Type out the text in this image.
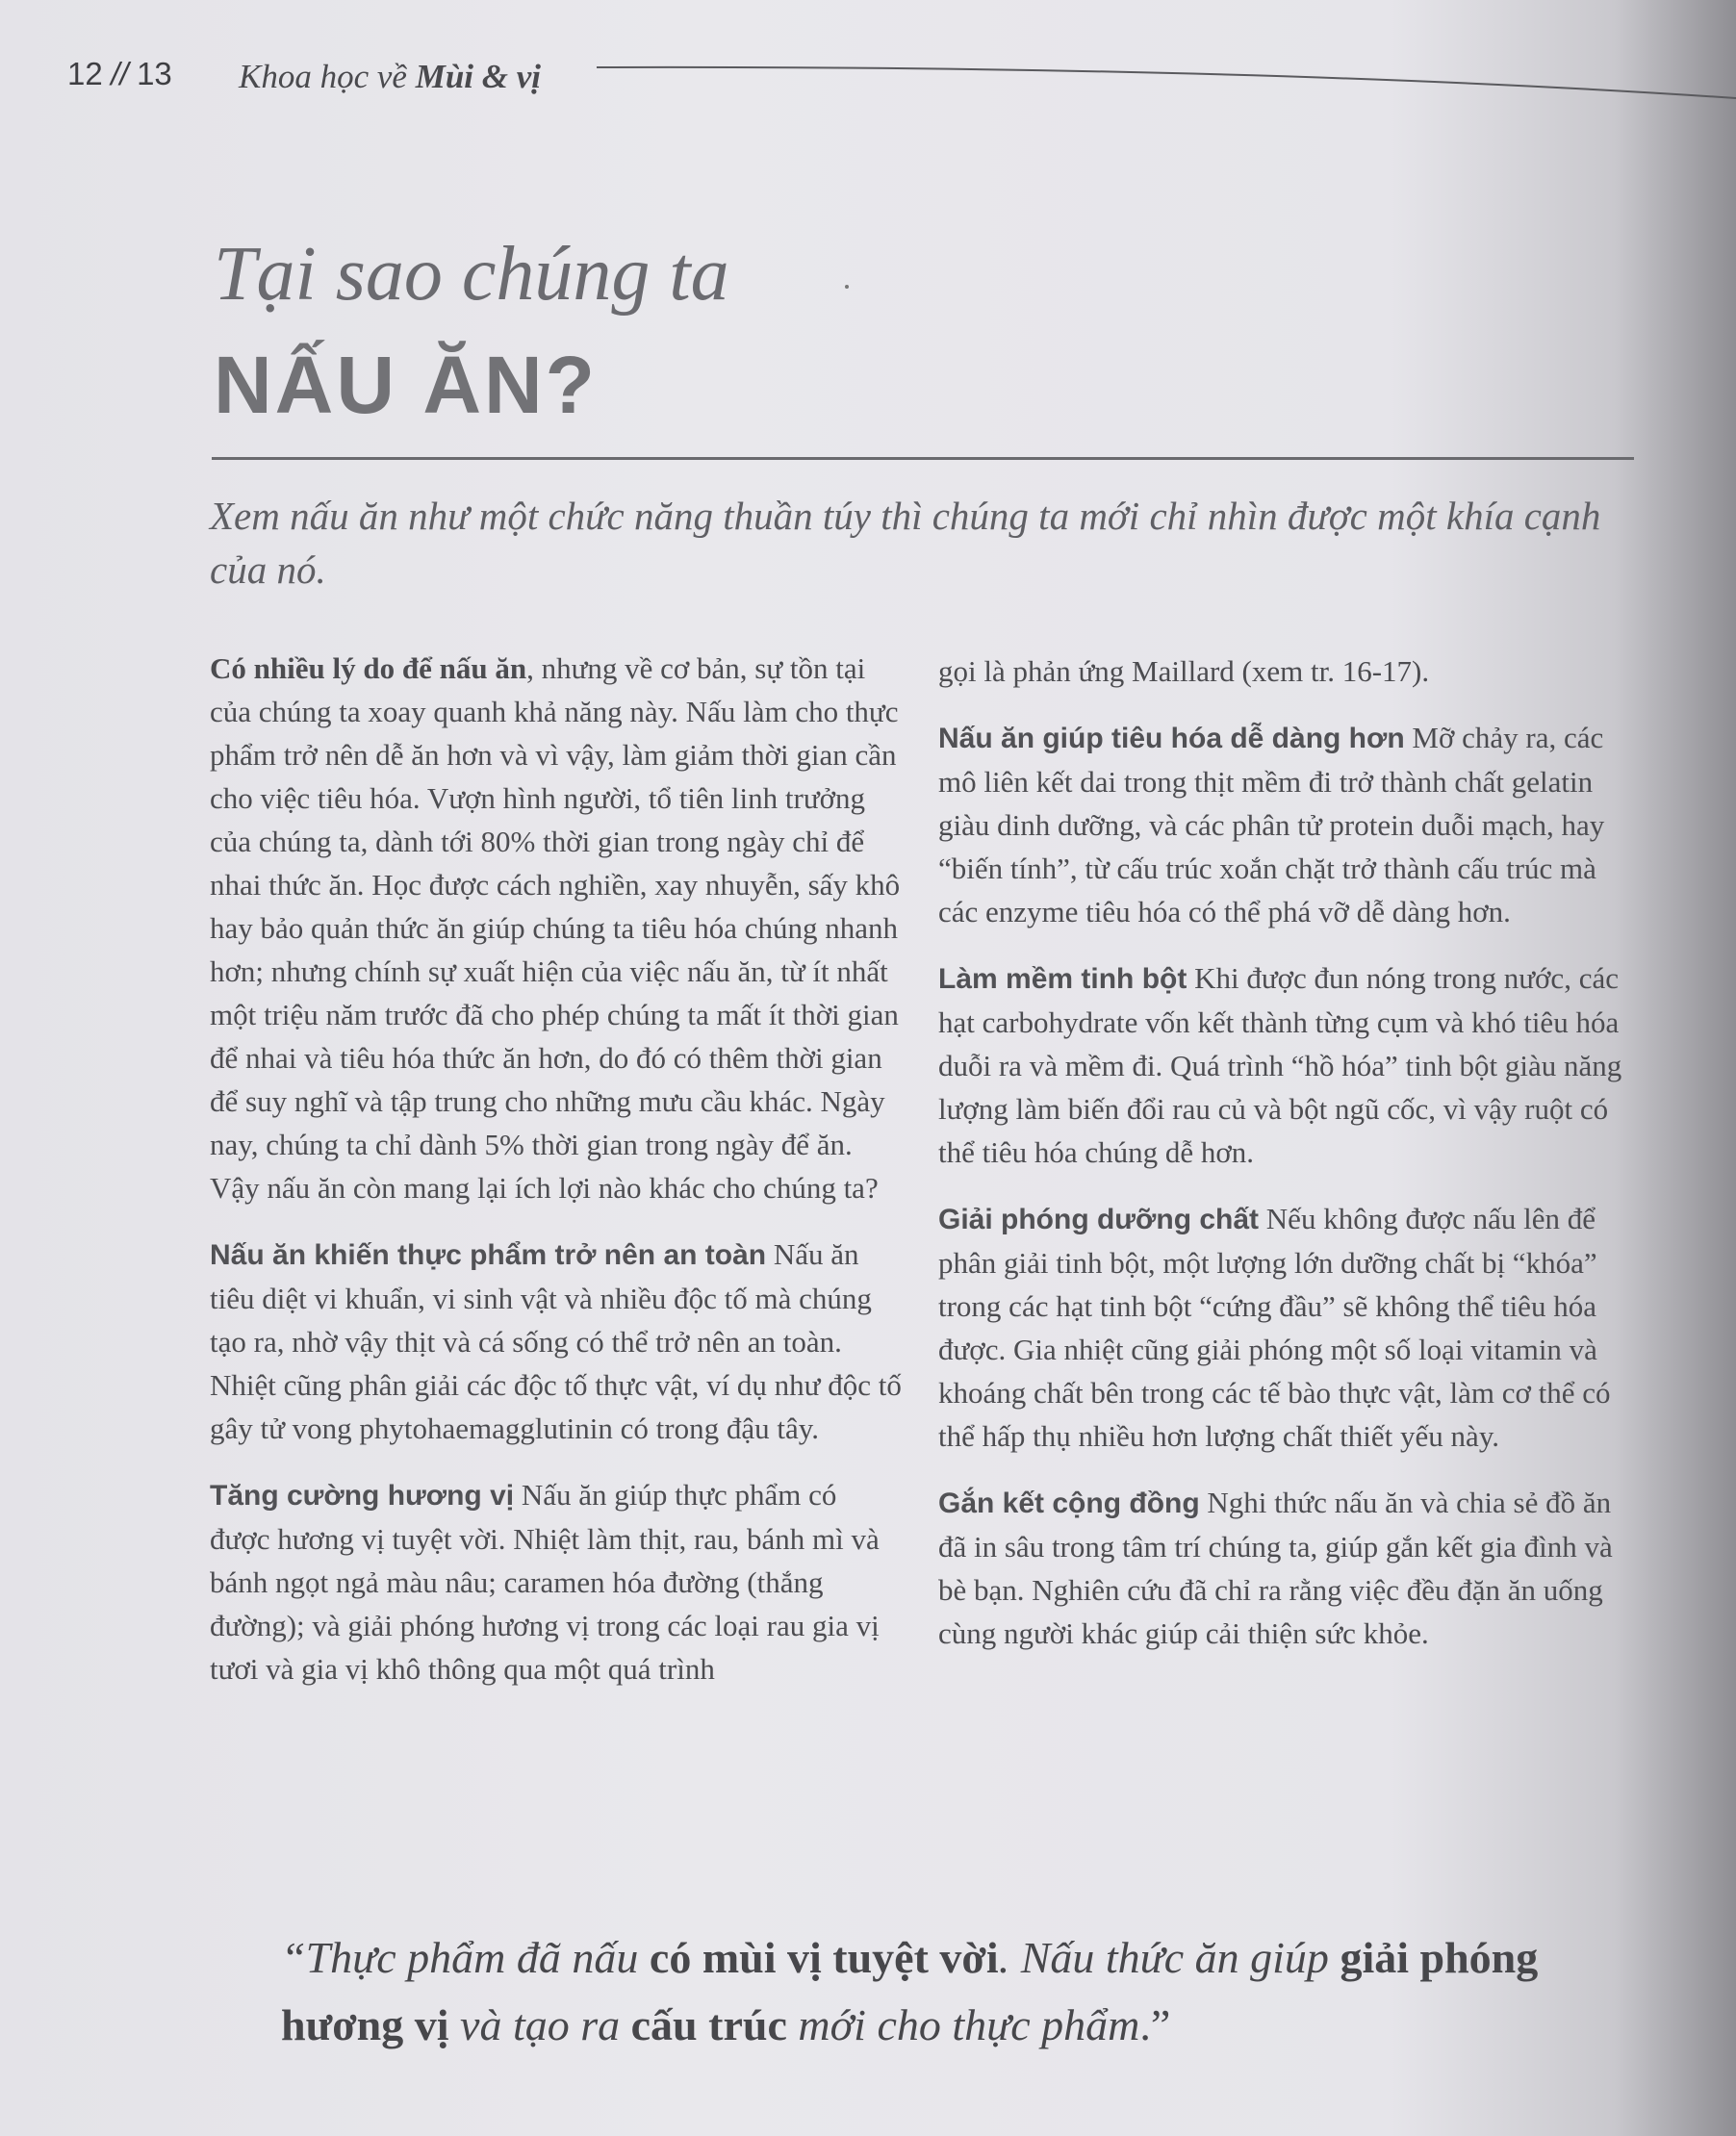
12 // 13 Khoa học về Mùi & vị
Tại sao chúng ta
NẤU ĂN?
Xem nấu ăn như một chức năng thuần túy thì chúng ta mới chỉ nhìn được một khía cạnh của nó.

Có nhiều lý do để nấu ăn, nhưng về cơ bản, sự tồn tại của chúng ta xoay quanh khả năng này. Nấu làm cho thực phẩm trở nên dễ ăn hơn và vì vậy, làm giảm thời gian cần cho việc tiêu hóa. Vượn hình người, tổ tiên linh trưởng của chúng ta, dành tới 80% thời gian trong ngày chỉ để nhai thức ăn. Học được cách nghiền, xay nhuyễn, sấy khô hay bảo quản thức ăn giúp chúng ta tiêu hóa chúng nhanh hơn; nhưng chính sự xuất hiện của việc nấu ăn, từ ít nhất một triệu năm trước đã cho phép chúng ta mất ít thời gian để nhai và tiêu hóa thức ăn hơn, do đó có thêm thời gian để suy nghĩ và tập trung cho những mưu cầu khác. Ngày nay, chúng ta chỉ dành 5% thời gian trong ngày để ăn. Vậy nấu ăn còn mang lại ích lợi nào khác cho chúng ta?

Nấu ăn khiến thực phẩm trở nên an toàn Nấu ăn tiêu diệt vi khuẩn, vi sinh vật và nhiều độc tố mà chúng tạo ra, nhờ vậy thịt và cá sống có thể trở nên an toàn. Nhiệt cũng phân giải các độc tố thực vật, ví dụ như độc tố gây tử vong phytohaemagglutinin có trong đậu tây.

Tăng cường hương vị Nấu ăn giúp thực phẩm có được hương vị tuyệt vời. Nhiệt làm thịt, rau, bánh mì và bánh ngọt ngả màu nâu; caramen hóa đường (thắng đường); và giải phóng hương vị trong các loại rau gia vị tươi và gia vị khô thông qua một quá trình

gọi là phản ứng Maillard (xem tr. 16-17).

Nấu ăn giúp tiêu hóa dễ dàng hơn Mỡ chảy ra, các mô liên kết dai trong thịt mềm đi trở thành chất gelatin giàu dinh dưỡng, và các phân tử protein duỗi mạch, hay “biến tính”, từ cấu trúc xoắn chặt trở thành cấu trúc mà các enzyme tiêu hóa có thể phá vỡ dễ dàng hơn.

Làm mềm tinh bột Khi được đun nóng trong nước, các hạt carbohydrate vốn kết thành từng cụm và khó tiêu hóa duỗi ra và mềm đi. Quá trình “hồ hóa” tinh bột giàu năng lượng làm biến đổi rau củ và bột ngũ cốc, vì vậy ruột có thể tiêu hóa chúng dễ hơn.

Giải phóng dưỡng chất Nếu không được nấu lên để phân giải tinh bột, một lượng lớn dưỡng chất bị “khóa” trong các hạt tinh bột “cứng đầu” sẽ không thể tiêu hóa được. Gia nhiệt cũng giải phóng một số loại vitamin và khoáng chất bên trong các tế bào thực vật, làm cơ thể có thể hấp thụ nhiều hơn lượng chất thiết yếu này.

Gắn kết cộng đồng Nghi thức nấu ăn và chia sẻ đồ ăn đã in sâu trong tâm trí chúng ta, giúp gắn kết gia đình và bè bạn. Nghiên cứu đã chỉ ra rằng việc đều đặn ăn uống cùng người khác giúp cải thiện sức khỏe.

“Thực phẩm đã nấu có mùi vị tuyệt vời. Nấu thức ăn giúp giải phóng hương vị và tạo ra cấu trúc mới cho thực phẩm.”
